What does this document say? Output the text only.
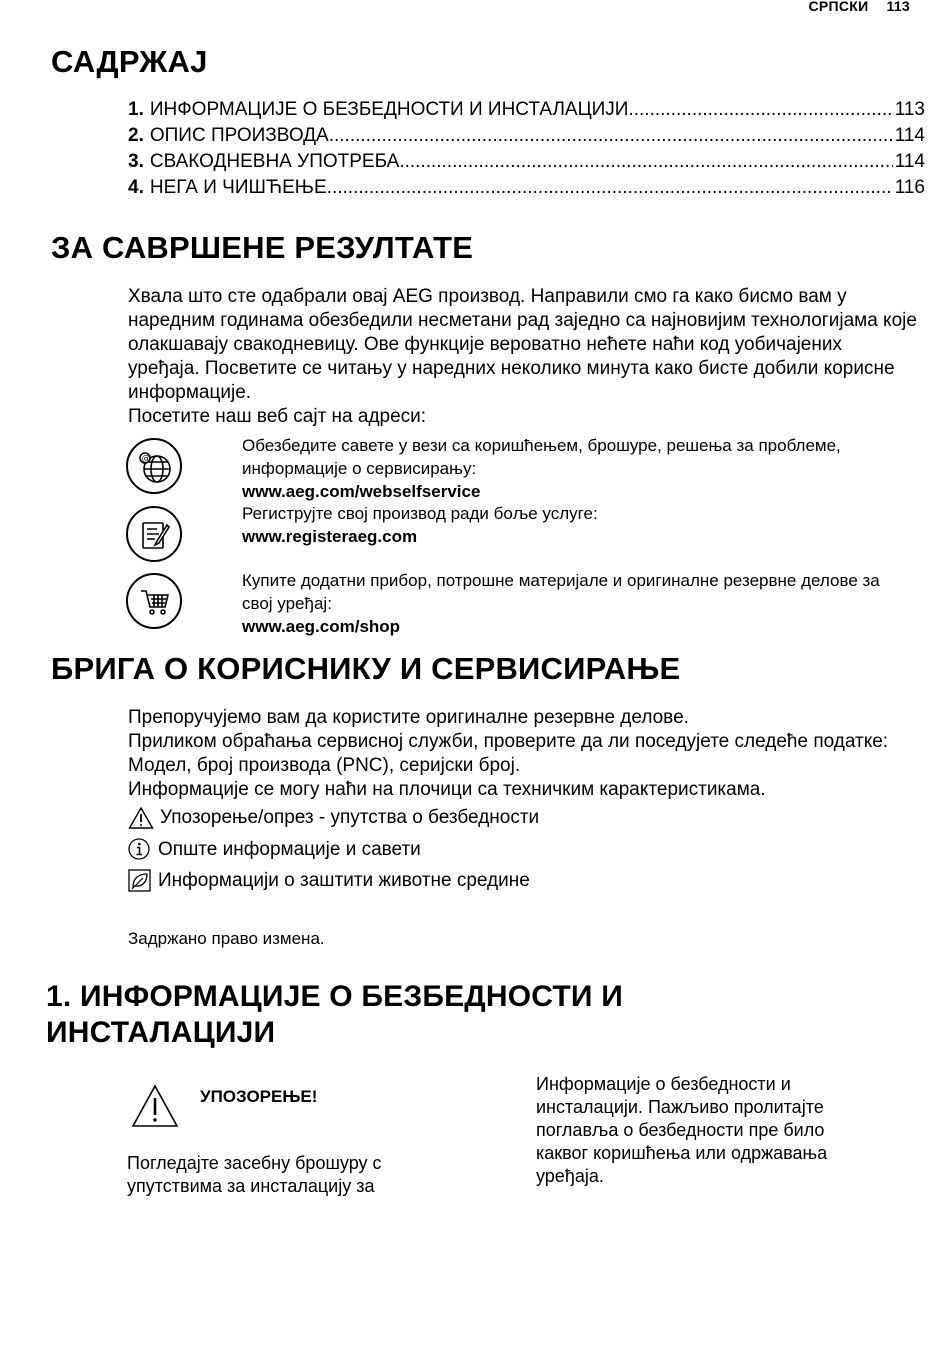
СРПСКИ 113
САДРЖАЈ
1. ИНФОРМАЦИЈЕ О БЕЗБЕДНОСТИ И ИНСТАЛАЦИЈИ .....	113
2. ОПИС ПРОИЗВОДА .....	114
3. СВАКОДНЕВНА УПОТРЕБА .....	114
4. НЕГА И ЧИШЋЕЊЕ .....	116
ЗА САВРШЕНЕ РЕЗУЛТАТЕ

Хвала што сте одабрали овај AEG производ. Направили смо га како бисмо вам у наредним годинама обезбедили несметани рад заједно са најновијим технологијама које олакшавају свакодневицу. Ове функције вероватно нећете наћи код уобичајених уређаја. Посветите се читању у наредних неколико минута како бисте добили корисне информације.

Посетите наш веб сајт на адреси:

@
Обезбедите савете у вези са коришћењем, брошуре, решења за проблеме, информације о сервисирању:
www.aeg.com/webselfservice
Региструјте свој производ ради боље услуге:
www.registeraeg.com
Купите додатни прибор, потрошне материјале и оригиналне резервне делове за свој уређај:
www.aeg.com/shop
БРИГА О КОРИСНИКУ И СЕРВИСИРАЊЕ

Препоручујемо вам да користите оригиналне резервне делове.

Приликом обраћања сервисној служби, проверите да ли поседујете следеће податке: Модел, број производа (PNC), серијски број.

Информације се могу наћи на плочици са техничким карактеристикама.

Упозорење/опрез - упутства о безбедности
Опште информације и савети
Информацији о заштити животне средине
Задржано право измена.
1. ИНФОРМАЦИЈЕ О БЕЗБЕДНОСТИ И
ИНСТАЛАЦИЈИ
УПОЗОРЕЊЕ!
Погледајте засебну брошуру с упутствима за инсталацију за
Информације о безбедности и инсталацији. Пажљиво пролитајте поглавља о безбедности пре било каквог коришћења или одржавања уређаја.
